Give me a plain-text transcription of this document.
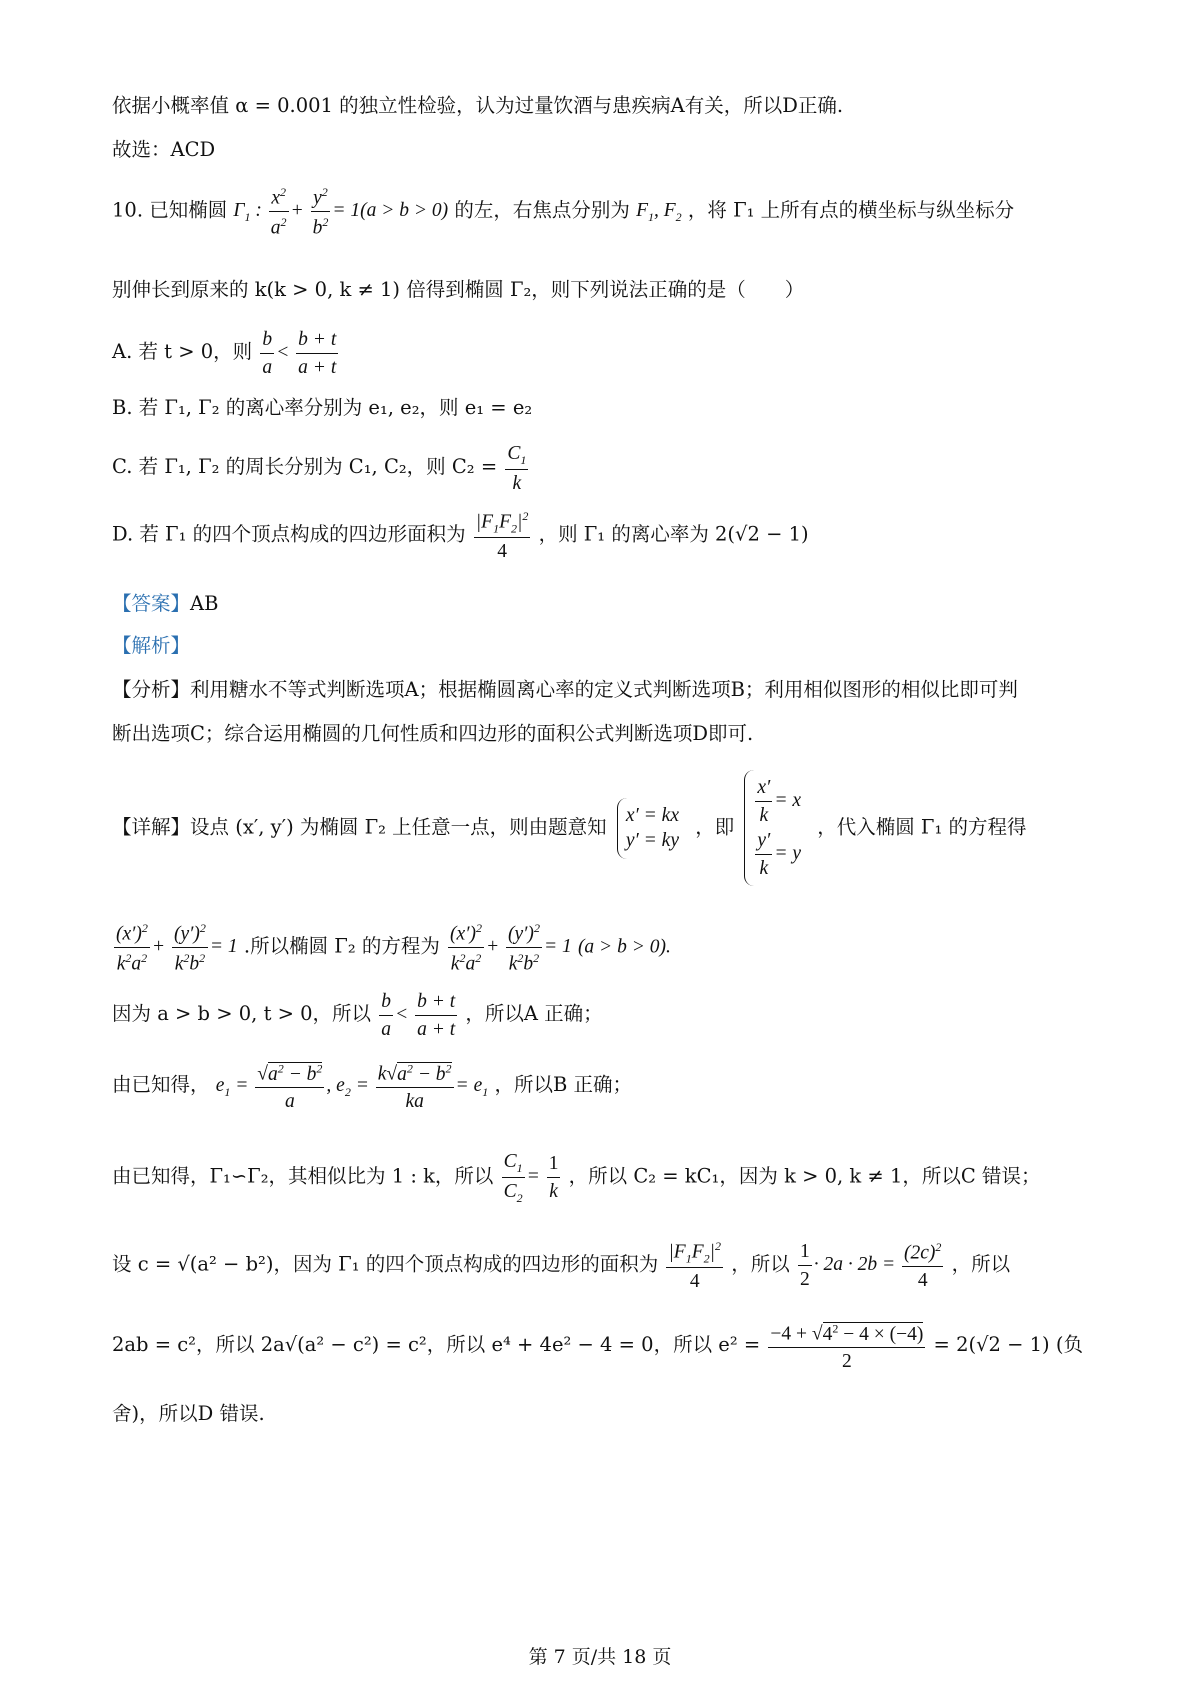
依据小概率值 α = 0.001 的独立性检验，认为过量饮酒与患疾病A有关，所以D正确.
故选：ACD
10. 已知椭圆 $\Gamma_1$ : $\frac{x^2}{a^2} + \frac{y^2}{b^2} = 1(a > b > 0)$ 的左，右焦点分别为 $F_1$, $F_2$ ，将 Γ₁ 上所有点的横坐标与纵坐标分
别伸长到原来的 k(k > 0, k ≠ 1) 倍得到椭圆 Γ₂，则下列说法正确的是（　　）
A. 若 t > 0，则 $\frac{b}{a} < \frac{b + t}{a + t}$
B. 若 Γ₁, Γ₂ 的离心率分别为 e₁, e₂，则 e₁ = e₂
C. 若 Γ₁, Γ₂ 的周长分别为 C₁, C₂，则 $C_2 = \frac{C_1}{k}$
D. 若 Γ₁ 的四个顶点构成的四边形面积为 $\frac{|F_1F_2|^2}{4}$ ，则 Γ₁ 的离心率为 2(√2 − 1)
【答案】AB
【解析】
【分析】利用糖水不等式判断选项A；根据椭圆离心率的定义式判断选项B；利用相似图形的相似比即可判
断出选项C；综合运用椭圆的几何性质和四边形的面积公式判断选项D即可.
【详解】设点 (x′, y′) 为椭圆 Γ₂ 上任意一点，则由题意知
x′ = kx
y′ = ky
，即
$\frac{x'}{k} = x$
$\frac{y'}{k} = y$
，代入椭圆 Γ₁ 的方程得
$\frac{(x')^2}{k^2a^2} + \frac{(y')^2}{k^2b^2} = 1$ .所以椭圆 Γ₂ 的方程为 $\frac{(x')^2}{k^2a^2} + \frac{(y')^2}{k^2b^2} = 1$ (a > b > 0).
因为 a > b > 0, t > 0，所以 $\frac{b}{a} < \frac{b + t}{a + t}$ ，所以A 正确；
由已知得， $e_1 = \frac{√a^2 - b^2}{a}$ , $e_2 = \frac{k√a^2 - b^2}{ka} = e_1$ ，所以B 正确；
由已知得，Γ₁∽Γ₂，其相似比为 1 : k，所以 $\frac{C_1}{C_2} = \frac{1}{k}$ ，所以 C₂ = kC₁，因为 k > 0, k ≠ 1，所以C 错误；
设 c = √(a² − b²)，因为 Γ₁ 的四个顶点构成的四边形的面积为 $\frac{|F_1F_2|^2}{4}$ ，所以 $\frac{1}{2} \cdot 2a \cdot 2b = \frac{(2c)^2}{4}$ ，所以
2ab = c²，所以 2a√(a² − c²) = c²，所以 e⁴ + 4e² − 4 = 0，所以 $e^2 = \frac{-4 + √4^2 - 4 \times (-4)}{2} = 2(√2 - 1)$ (负
舍)，所以D 错误.
第 7 页/共 18 页
